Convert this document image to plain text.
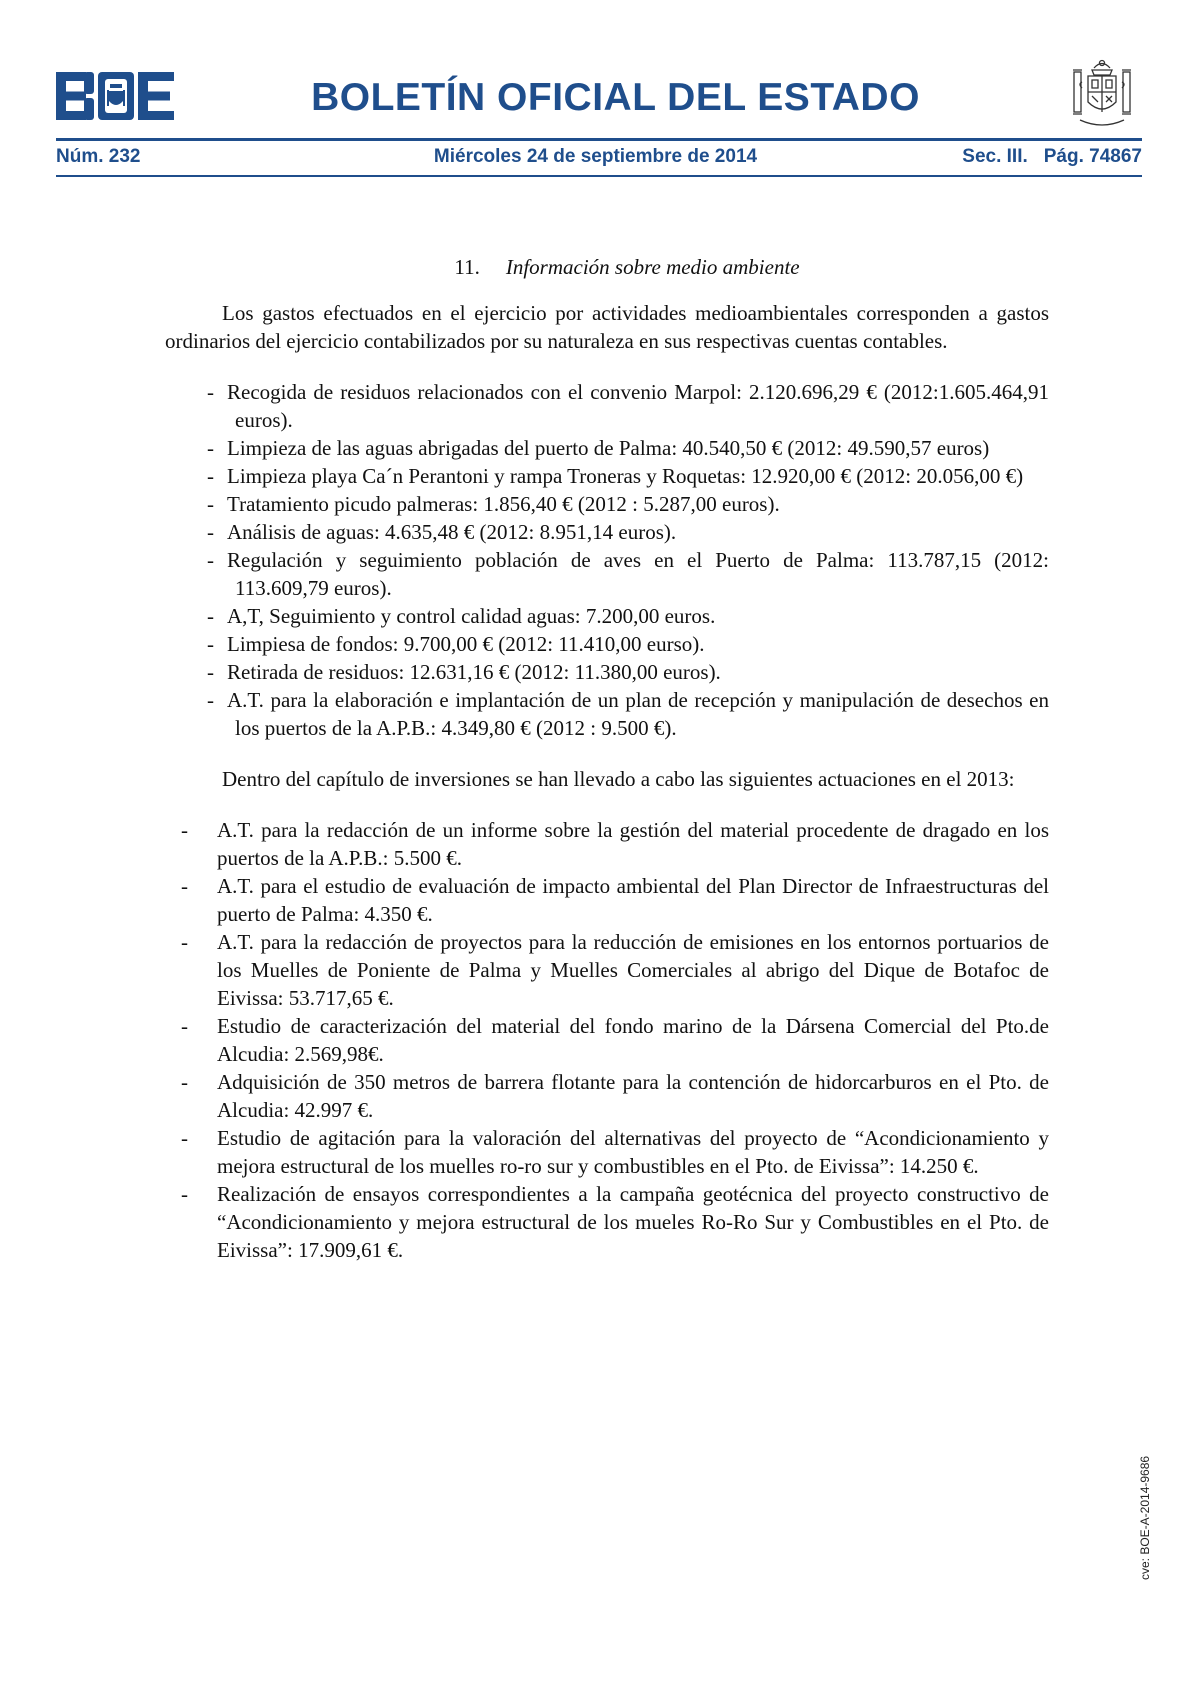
BOLETÍN OFICIAL DEL ESTADO
Núm. 232	Miércoles 24 de septiembre de 2014	Sec. III. Pág. 74867
11. Información sobre medio ambiente

Los gastos efectuados en el ejercicio por actividades medioambientales corresponden a gastos ordinarios del ejercicio contabilizados por su naturaleza en sus respectivas cuentas contables.

- Recogida de residuos relacionados con el convenio Marpol: 2.120.696,29 € (2012:1.605.464,91 euros).
- Limpieza de las aguas abrigadas del puerto de Palma: 40.540,50 € (2012: 49.590,57 euros)
- Limpieza playa Ca´n Perantoni y rampa Troneras y Roquetas: 12.920,00 € (2012: 20.056,00 €)
- Tratamiento picudo palmeras: 1.856,40 € (2012 : 5.287,00 euros).
- Análisis de aguas: 4.635,48 € (2012: 8.951,14 euros).
- Regulación y seguimiento población de aves en el Puerto de Palma: 113.787,15 (2012: 113.609,79 euros).
- A,T, Seguimiento y control calidad aguas: 7.200,00 euros.
- Limpiesa de fondos: 9.700,00 € (2012: 11.410,00 eurso).
- Retirada de residuos: 12.631,16 € (2012: 11.380,00 euros).
- A.T. para la elaboración e implantación de un plan de recepción y manipulación de desechos en los puertos de la A.P.B.: 4.349,80 € (2012 : 9.500 €).

Dentro del capítulo de inversiones se han llevado a cabo las siguientes actuaciones en el 2013:

- A.T. para la redacción de un informe sobre la gestión del material procedente de dragado en los puertos de la A.P.B.: 5.500 €.
- A.T. para el estudio de evaluación de impacto ambiental del Plan Director de Infraestructuras del puerto de Palma: 4.350 €.
- A.T. para la redacción de proyectos para la reducción de emisiones en los entornos portuarios de los Muelles de Poniente de Palma y Muelles Comerciales al abrigo del Dique de Botafoc de Eivissa: 53.717,65 €.
- Estudio de caracterización del material del fondo marino de la Dársena Comercial del Pto.de Alcudia: 2.569,98€.
- Adquisición de 350 metros de barrera flotante para la contención de hidorcarburos en el Pto. de Alcudia: 42.997 €.
- Estudio de agitación para la valoración del alternativas del proyecto de “Acondicionamiento y mejora estructural de los muelles ro-ro sur y combustibles en el Pto. de Eivissa”: 14.250 €.
- Realización de ensayos correspondientes a la campaña geotécnica del proyecto constructivo de “Acondicionamiento y mejora estructural de los mueles Ro-Ro Sur y Combustibles en el Pto. de Eivissa”: 17.909,61 €.
cve: BOE-A-2014-9686
